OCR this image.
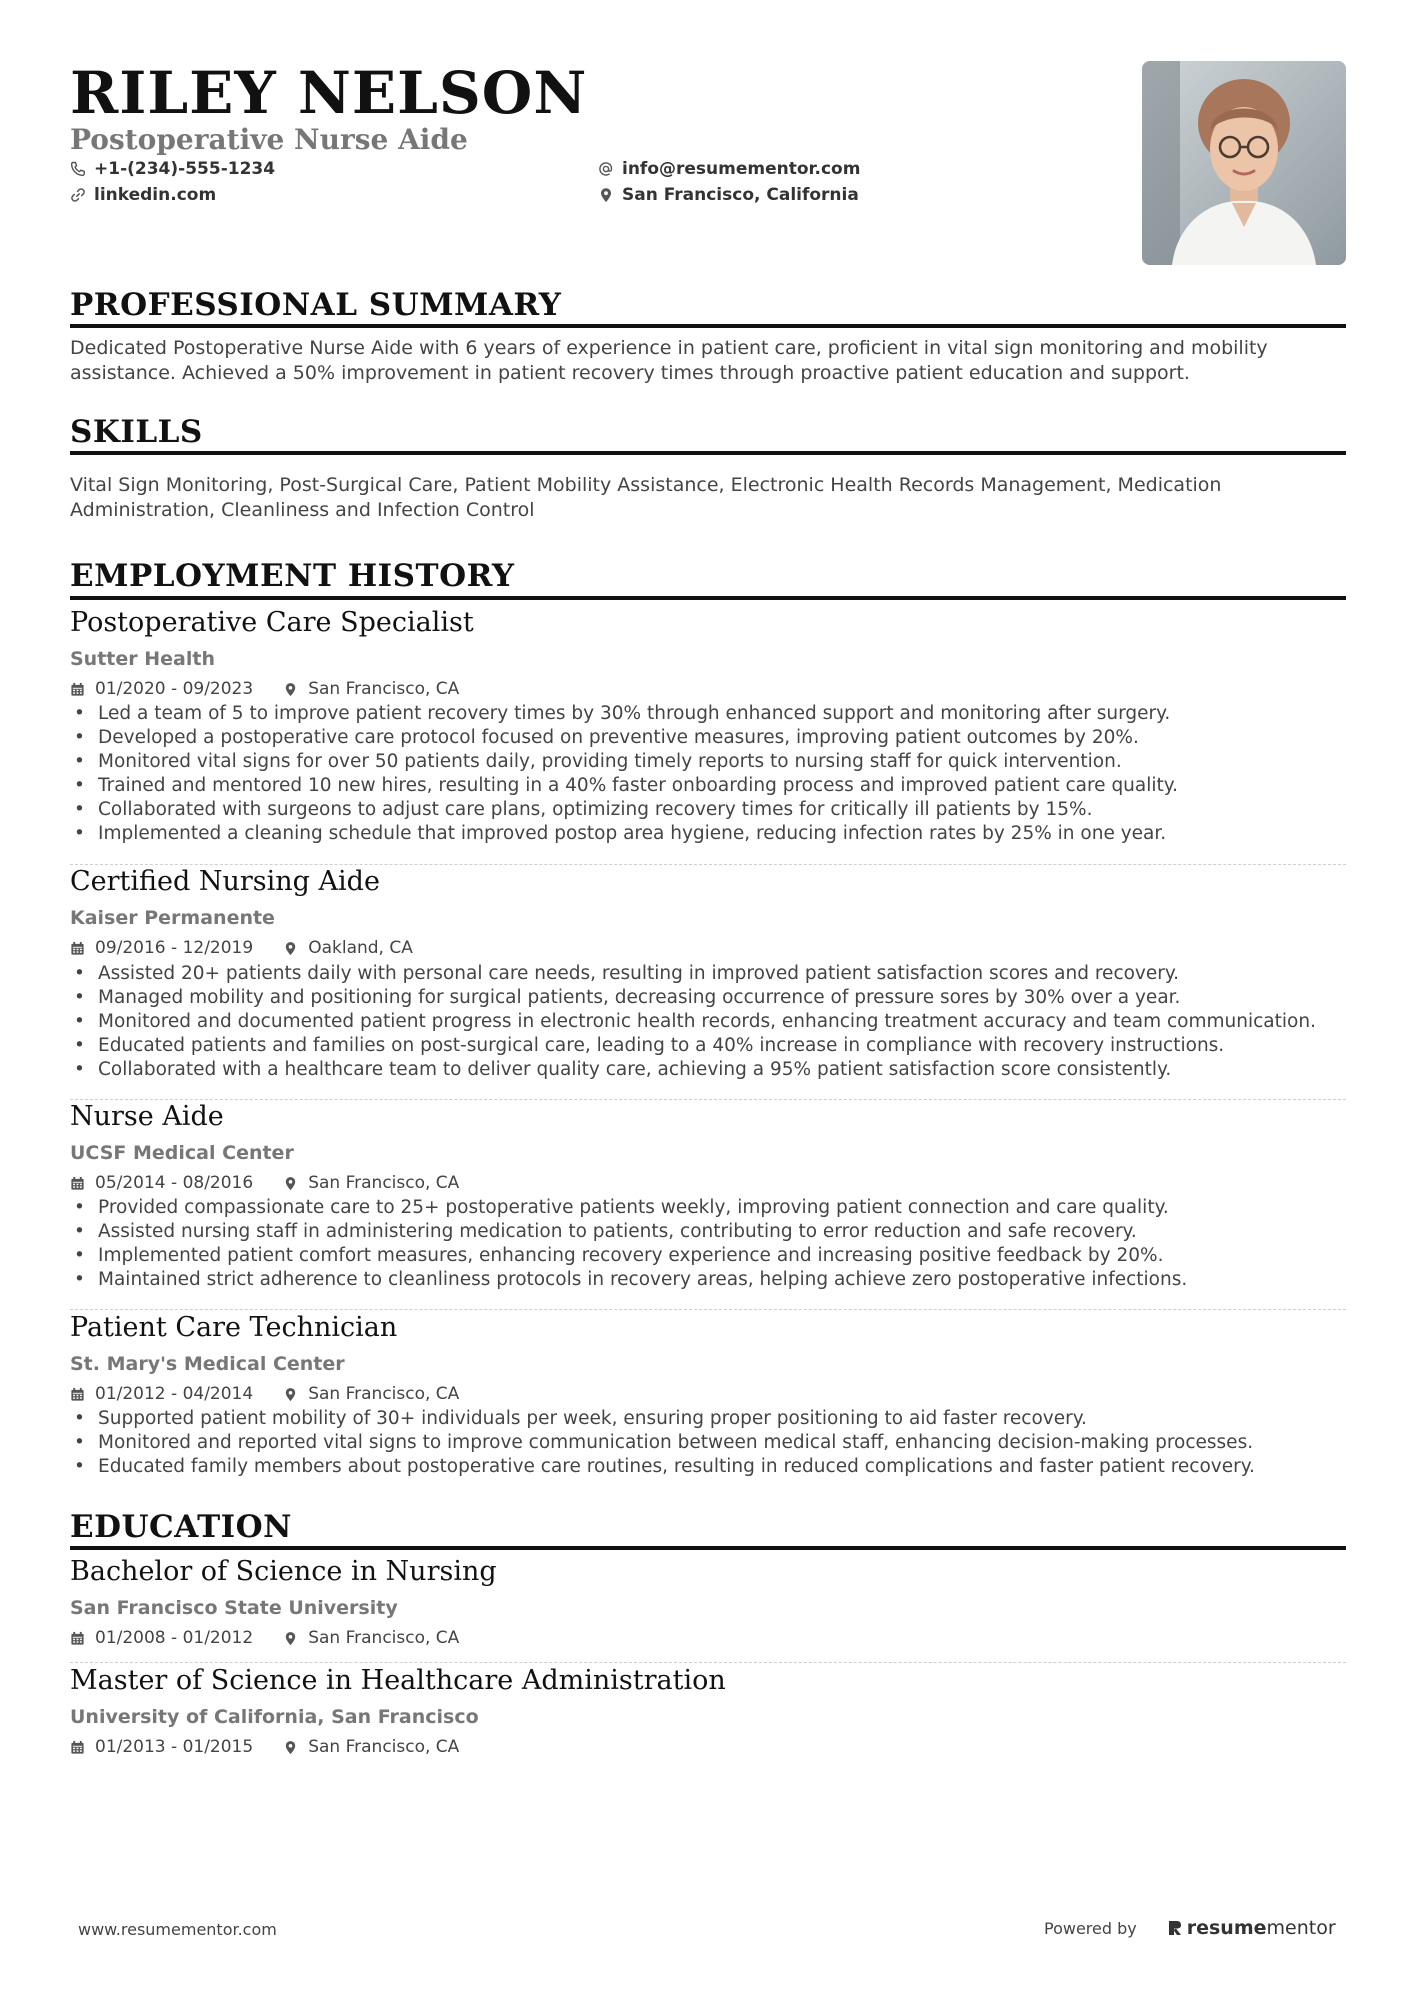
RILEY NELSON
Postoperative Nurse Aide
+1-(234)-555-1234
linkedin.com
info@resumementor.com
San Francisco, California
PROFESSIONAL SUMMARY

Dedicated Postoperative Nurse Aide with 6 years of experience in patient care, proficient in vital sign monitoring and mobility assistance. Achieved a 50% improvement in patient recovery times through proactive patient education and support.

SKILLS

Vital Sign Monitoring, Post-Surgical Care, Patient Mobility Assistance, Electronic Health Records Management, Medication Administration, Cleanliness and Infection Control

EMPLOYMENT HISTORY
Postoperative Care Specialist
Sutter Health
01/2020 - 09/2023	San Francisco, CA
• Led a team of 5 to improve patient recovery times by 30% through enhanced support and monitoring after surgery.
• Developed a postoperative care protocol focused on preventive measures, improving patient outcomes by 20%.
• Monitored vital signs for over 50 patients daily, providing timely reports to nursing staff for quick intervention.
• Trained and mentored 10 new hires, resulting in a 40% faster onboarding process and improved patient care quality.
• Collaborated with surgeons to adjust care plans, optimizing recovery times for critically ill patients by 15%.
• Implemented a cleaning schedule that improved postop area hygiene, reducing infection rates by 25% in one year.
Certified Nursing Aide
Kaiser Permanente
09/2016 - 12/2019	Oakland, CA
• Assisted 20+ patients daily with personal care needs, resulting in improved patient satisfaction scores and recovery.
• Managed mobility and positioning for surgical patients, decreasing occurrence of pressure sores by 30% over a year.
• Monitored and documented patient progress in electronic health records, enhancing treatment accuracy and team communication.
• Educated patients and families on post-surgical care, leading to a 40% increase in compliance with recovery instructions.
• Collaborated with a healthcare team to deliver quality care, achieving a 95% patient satisfaction score consistently.
Nurse Aide
UCSF Medical Center
05/2014 - 08/2016	San Francisco, CA
• Provided compassionate care to 25+ postoperative patients weekly, improving patient connection and care quality.
• Assisted nursing staff in administering medication to patients, contributing to error reduction and safe recovery.
• Implemented patient comfort measures, enhancing recovery experience and increasing positive feedback by 20%.
• Maintained strict adherence to cleanliness protocols in recovery areas, helping achieve zero postoperative infections.
Patient Care Technician
St. Mary's Medical Center
01/2012 - 04/2014	San Francisco, CA
• Supported patient mobility of 30+ individuals per week, ensuring proper positioning to aid faster recovery.
• Monitored and reported vital signs to improve communication between medical staff, enhancing decision-making processes.
• Educated family members about postoperative care routines, resulting in reduced complications and faster patient recovery.
EDUCATION
Bachelor of Science in Nursing
San Francisco State University
01/2008 - 01/2012	San Francisco, CA
Master of Science in Healthcare Administration
University of California, San Francisco
01/2013 - 01/2015	San Francisco, CA
www.resumementor.com	Powered by	resume mentor
